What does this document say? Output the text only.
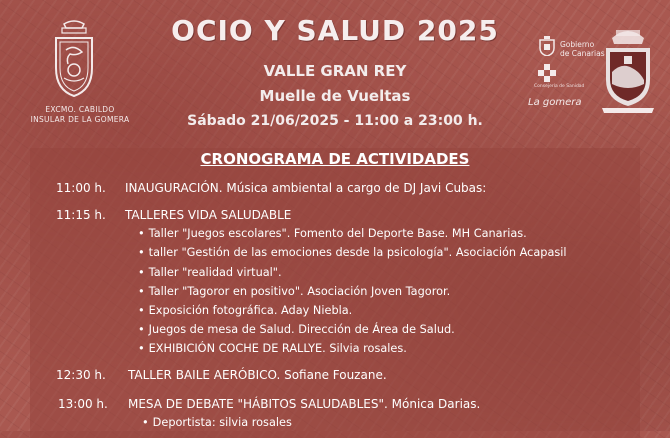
EXCMO. CABILDO
INSULAR DE LA GOMERA
OCIO Y SALUD 2025
VALLE GRAN REY
Muelle de Vueltas
Sábado 21/06/2025 - 11:00 a 23:00 h.
Gobierno
de Canarias
Consejería de Sanidad
La gomera
CRONOGRAMA DE ACTIVIDADES
11:00 h. INAUGURACIÓN. Música ambiental a cargo de DJ Javi Cubas:
11:15 h. TALLERES VIDA SALUDABLE
• Taller "Juegos escolares". Fomento del Deporte Base. MH Canarias.
• taller "Gestión de las emociones desde la psicología". Asociación Acapasil
• Taller "realidad virtual".
• Taller "Tagoror en positivo". Asociación Joven Tagoror.
• Exposición fotográfica. Aday Niebla.
• Juegos de mesa de Salud. Dirección de Área de Salud.
• EXHIBICIÓN COCHE DE RALLYE. Silvia rosales.
12:30 h. TALLER BAILE AERÓBICO. Sofiane Fouzane.
13:00 h. MESA DE DEBATE "HÁBITOS SALUDABLES". Mónica Darias.
• Deportista: silvia rosales
